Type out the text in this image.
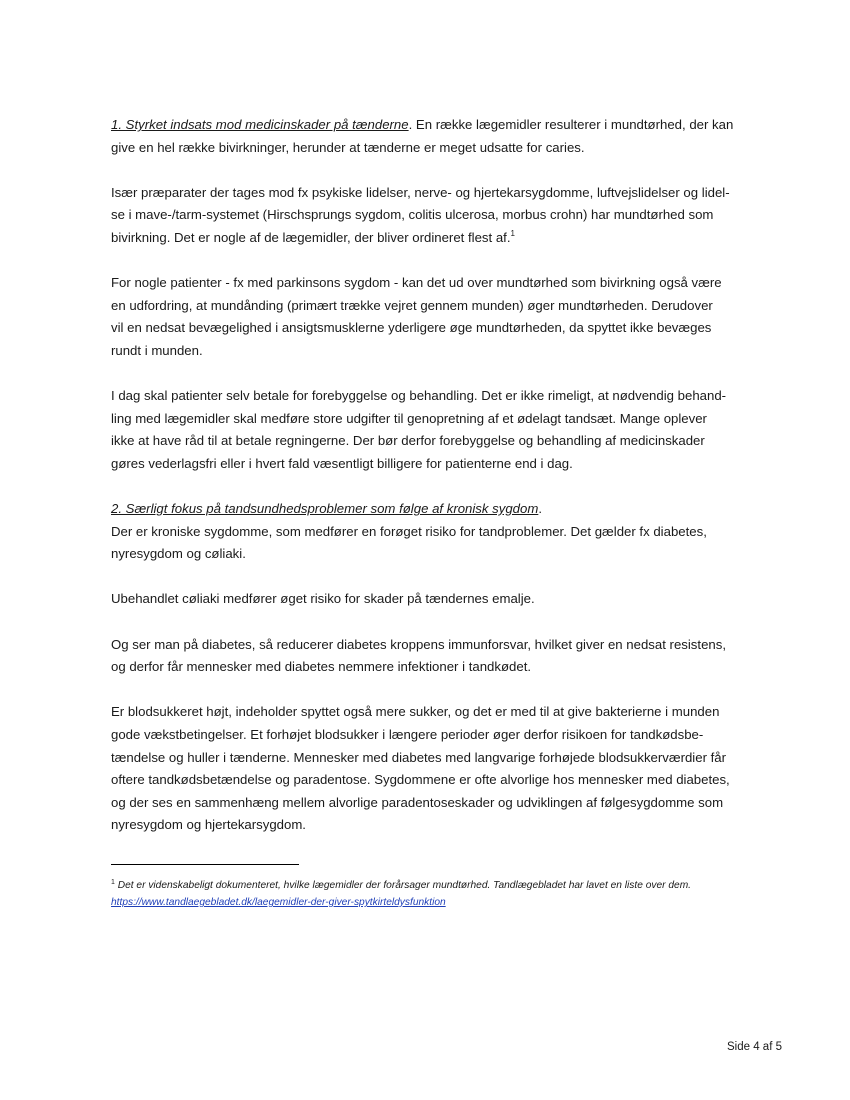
1. Styrket indsats mod medicinskader på tænderne. En række lægemidler resulterer i mundtørhed, der kan

give en hel række bivirkninger, herunder at tænderne er meget udsatte for caries.

Især præparater der tages mod fx psykiske lidelser, nerve- og hjertekarsygdomme, luftvejslidelser og lidel-

se i mave-/tarm-systemet (Hirschsprungs sygdom, colitis ulcerosa, morbus crohn) har mundtørhed som

bivirkning. Det er nogle af de lægemidler, der bliver ordineret flest af.$^1$

For nogle patienter - fx med parkinsons sygdom - kan det ud over mundtørhed som bivirkning også være

en udfordring, at mundånding (primært trække vejret gennem munden) øger mundtørheden. Derudover

vil en nedsat bevægelighed i ansigtsmusklerne yderligere øge mundtørheden, da spyttet ikke bevæges

rundt i munden.

I dag skal patienter selv betale for forebyggelse og behandling. Det er ikke rimeligt, at nødvendig behand-

ling med lægemidler skal medføre store udgifter til genopretning af et ødelagt tandsæt. Mange oplever

ikke at have råd til at betale regningerne. Der bør derfor forebyggelse og behandling af medicinskader

gøres vederlagsfri eller i hvert fald væsentligt billigere for patienterne end i dag.

2. Særligt fokus på tandsundhedsproblemer som følge af kronisk sygdom.

Der er kroniske sygdomme, som medfører en forøget risiko for tandproblemer. Det gælder fx diabetes,

nyresygdom og cøliaki.

Ubehandlet cøliaki medfører øget risiko for skader på tændernes emalje.

Og ser man på diabetes, så reducerer diabetes kroppens immunforsvar, hvilket giver en nedsat resistens,

og derfor får mennesker med diabetes nemmere infektioner i tandkødet.

Er blodsukkeret højt, indeholder spyttet også mere sukker, og det er med til at give bakterierne i munden

gode vækstbetingelser. Et forhøjet blodsukker i længere perioder øger derfor risikoen for tandkødsbe-

tændelse og huller i tænderne. Mennesker med diabetes med langvarige forhøjede blodsukkerværdier får

oftere tandkødsbetændelse og paradentose. Sygdommene er ofte alvorlige hos mennesker med diabetes,

og der ses en sammenhæng mellem alvorlige paradentoseskader og udviklingen af følgesygdomme som

nyresygdom og hjertekarsygdom.

$^1$ Det er videnskabeligt dokumenteret, hvilke lægemidler der forårsager mundtørhed. Tandlægebladet har lavet en liste over dem.

https://www.tandlaegebladet.dk/laegemidler-der-giver-spytkirteldysfunktion

Side 4 af 5
